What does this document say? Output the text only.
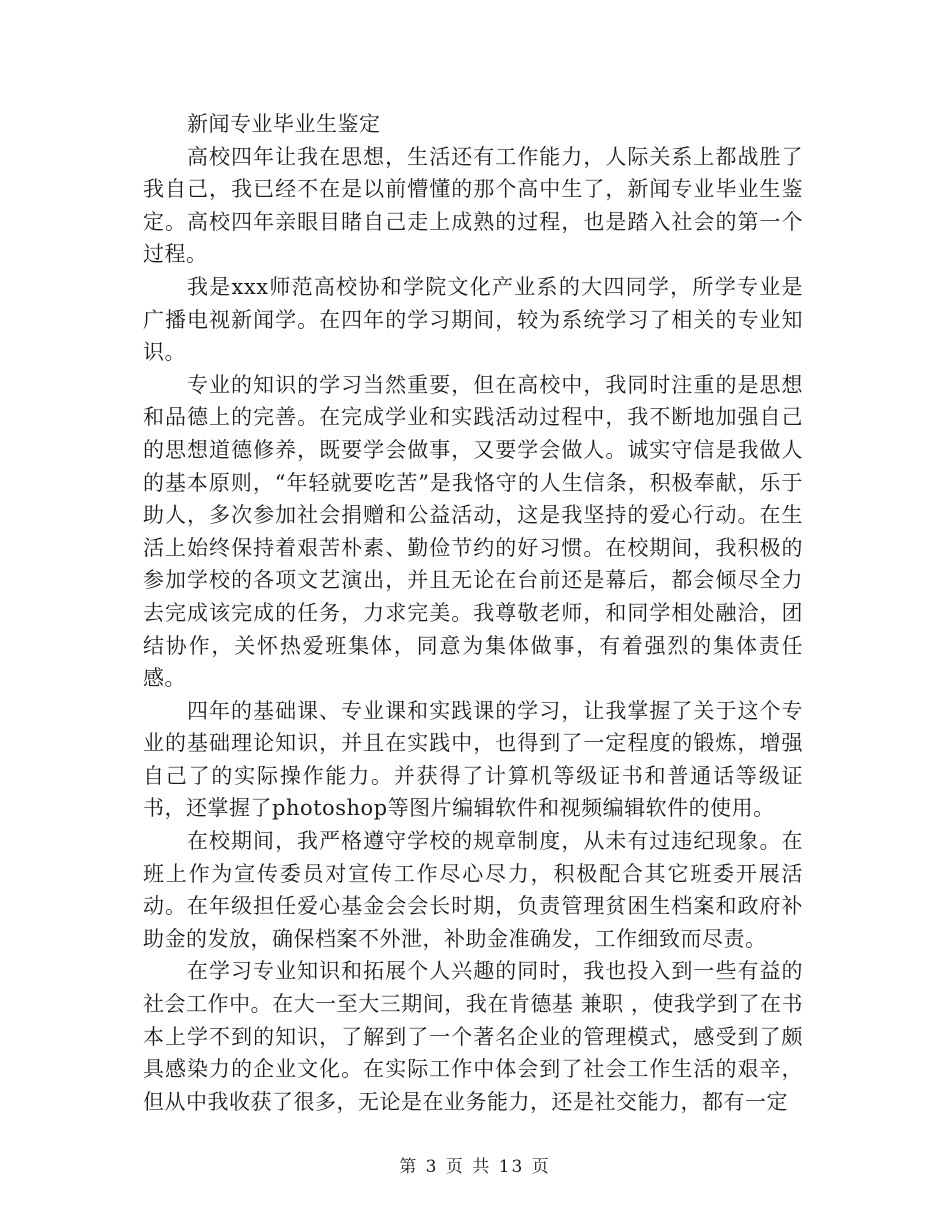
新闻专业毕业生鉴定

高校四年让我在思想，生活还有工作能力，人际关系上都战胜了我自己，我已经不在是以前懵懂的那个高中生了，新闻专业毕业生鉴定。高校四年亲眼目睹自己走上成熟的过程，也是踏入社会的第一个过程。

我是xxx师范高校协和学院文化产业系的大四同学，所学专业是广播电视新闻学。在四年的学习期间，较为系统学习了相关的专业知识。

专业的知识的学习当然重要，但在高校中，我同时注重的是思想和品德上的完善。在完成学业和实践活动过程中，我不断地加强自己的思想道德修养，既要学会做事，又要学会做人。诚实守信是我做人的基本原则，“年轻就要吃苦”是我恪守的人生信条，积极奉献，乐于助人，多次参加社会捐赠和公益活动，这是我坚持的爱心行动。在生活上始终保持着艰苦朴素、勤俭节约的好习惯。在校期间，我积极的参加学校的各项文艺演出，并且无论在台前还是幕后，都会倾尽全力去完成该完成的任务，力求完美。我尊敬老师，和同学相处融洽，团结协作，关怀热爱班集体，同意为集体做事，有着强烈的集体责任感。

四年的基础课、专业课和实践课的学习，让我掌握了关于这个专业的基础理论知识，并且在实践中，也得到了一定程度的锻炼，增强自己了的实际操作能力。并获得了计算机等级证书和普通话等级证书，还掌握了photoshop等图片编辑软件和视频编辑软件的使用。

在校期间，我严格遵守学校的规章制度，从未有过违纪现象。在班上作为宣传委员对宣传工作尽心尽力，积极配合其它班委开展活动。在年级担任爱心基金会会长时期，负责管理贫困生档案和政府补助金的发放，确保档案不外泄，补助金准确发，工作细致而尽责。

在学习专业知识和拓展个人兴趣的同时，我也投入到一些有益的社会工作中。在大一至大三期间，我在肯德基 兼职 ，使我学到了在书本上学不到的知识，了解到了一个著名企业的管理模式，感受到了颇具感染力的企业文化。在实际工作中体会到了社会工作生活的艰辛，但从中我收获了很多，无论是在业务能力，还是社交能力，都有一定

第 3 页 共 13 页
